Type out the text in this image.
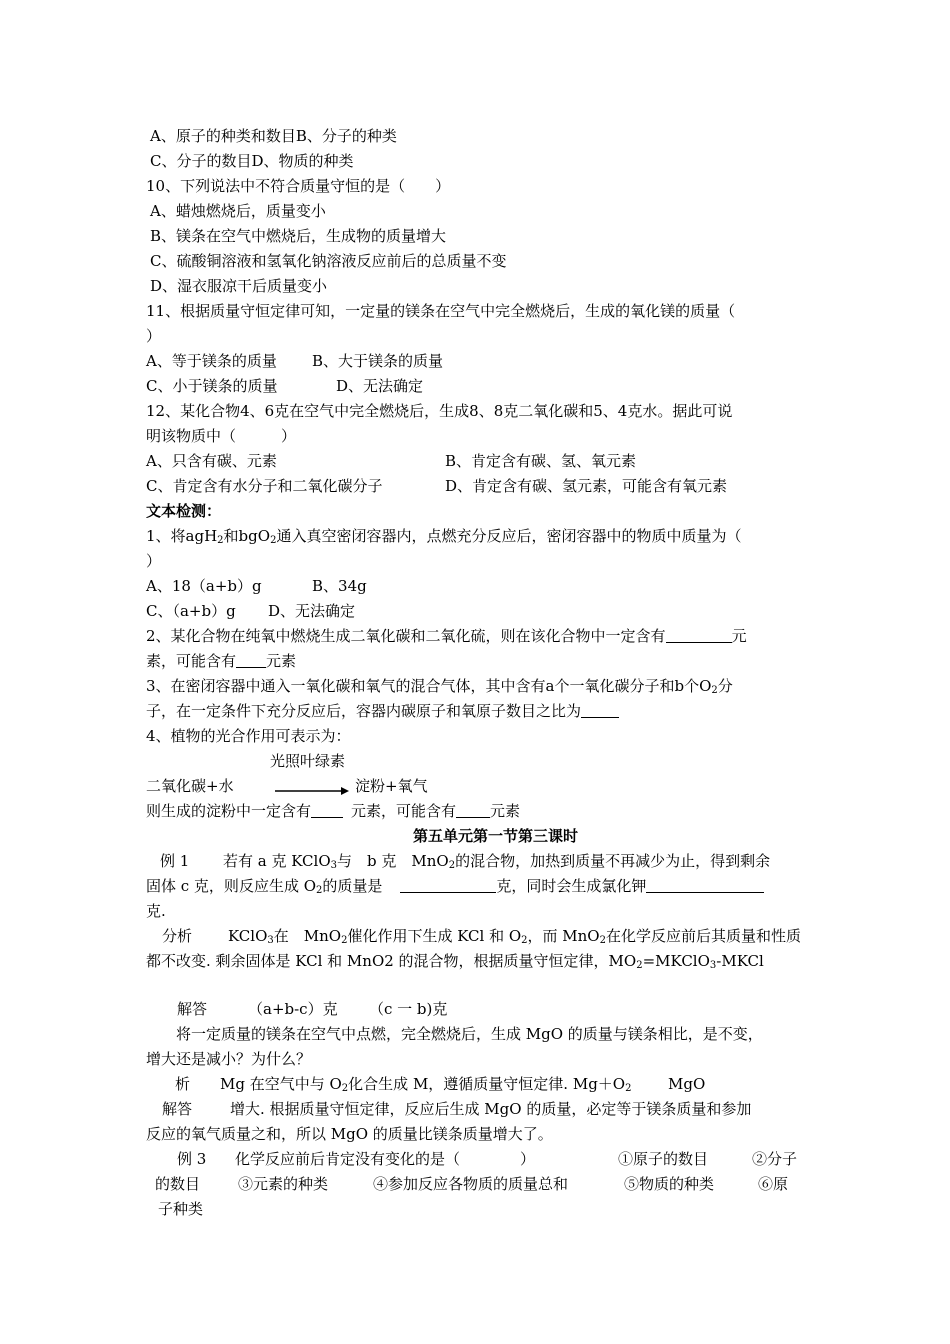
A、原子的种类和数目B、分子的种类
C、分子的数目D、物质的种类
10、下列说法中不符合质量守恒的是（　　）
A、蜡烛燃烧后，质量变小
B、镁条在空气中燃烧后，生成物的质量增大
C、硫酸铜溶液和氢氧化钠溶液反应前后的总质量不变
D、湿衣服凉干后质量变小
11、根据质量守恒定律可知，一定量的镁条在空气中完全燃烧后，生成的氧化镁的质量（
）
A、等于镁条的质量 B、大于镁条的质量
C、小于镁条的质量	D、无法确定
12、某化合物4、6克在空气中完全燃烧后，生成8、8克二氧化碳和5、4克水。据此可说
明该物质中（　　　）
A、只含有碳、元素	B、肯定含有碳、氢、氧元素
C、肯定含有水分子和二氧化碳分子	D、肯定含有碳、氢元素，可能含有氧元素
文本检测：
1、将agH$_2$和bgO$_2$通入真空密闭容器内，点燃充分反应后，密闭容器中的物质中质量为（
）
A、18（a+b）g	B、34g
C、（a+b）g D、无法确定
2、某化合物在纯氧中燃烧生成二氧化碳和二氧化硫，则在该化合物中一定含有	元
素，可能含有 元素
3、在密闭容器中通入一氧化碳和氧气的混合气体，其中含有a个一氧化碳分子和b个$O_2$分
子，在一定条件下充分反应后，容器内碳原子和氧原子数目之比为
4、植物的光合作用可表示为：
光照叶绿素
二氧化碳+水	淀粉+氧气
则生成的淀粉中一定含有	元素，可能含有 元素
第五单元第一节第三课时
例 1 若有 a 克 KClO$_3$与　b 克　MnO$_2$的混合物，加热到质量不再减少为止，得到剩余
固体 c 克，则反应生成 $O_2$的质量是	克，同时会生成氯化钾
克.
分析 KClO$_3$在　MnO$_2$催化作用下生成 KCl 和 $O_2$，而 MnO$_2$在化学反应前后其质量和性质
都不改变. 剩余固体是 KCl 和 MnO2 的混合物，根据质量守恒定律，$MO_2=MKClO_3$-MKCl
解答	（a+b-c）克 （c 一 b)克
将一定质量的镁条在空气中点燃，完全燃烧后，生成 MgO 的质量与镁条相比，是不变，
增大还是减小？为什么？
析 Mg 在空气中与 $O_2$化合生成 M，遵循质量守恒定律. $Mg+O_2$ MgO
解答	增大. 根据质量守恒定律，反应后生成 MgO 的质量，必定等于镁条质量和参加
反应的氧气质量之和，所以 MgO 的质量比镁条质量增大了。
例 3 化学反应前后肯定没有变化的是（　　　　）	①原子的数目	②分子
的数目	③元素的种类	④参加反应各物质的质量总和	⑤物质的种类	⑥原
子种类
